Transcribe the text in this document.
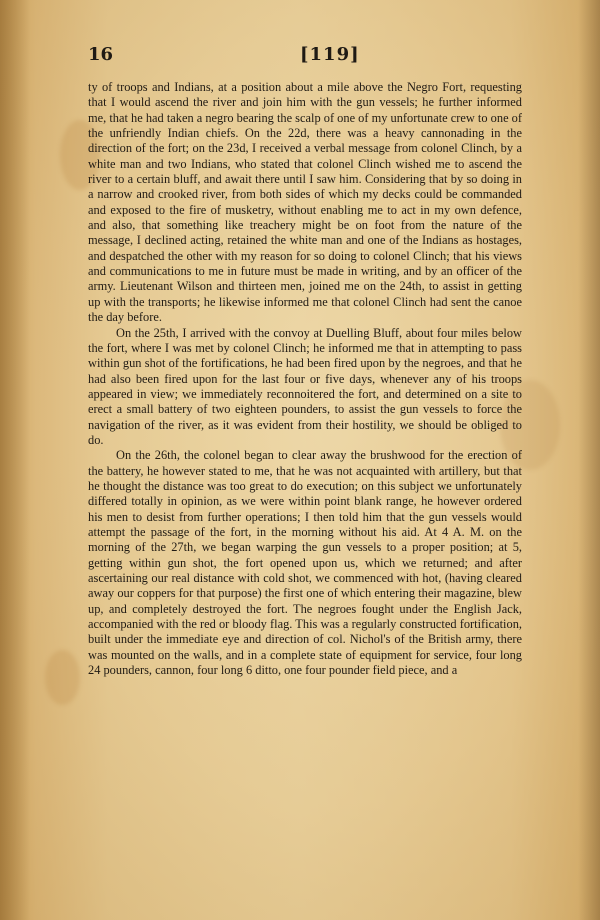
16	[119]

ty of troops and Indians, at a position about a mile above the Negro Fort, requesting that I would ascend the river and join him with the gun vessels; he further informed me, that he had taken a negro bearing the scalp of one of my unfortunate crew to one of the unfriendly Indian chiefs. On the 22d, there was a heavy cannonading in the direction of the fort; on the 23d, I received a verbal message from colonel Clinch, by a white man and two Indians, who stated that colonel Clinch wished me to ascend the river to a certain bluff, and await there until I saw him. Considering that by so doing in a narrow and crooked river, from both sides of which my decks could be commanded and exposed to the fire of musketry, without enabling me to act in my own defence, and also, that something like treachery might be on foot from the nature of the message, I declined acting, retained the white man and one of the Indians as hostages, and despatched the other with my reason for so doing to colonel Clinch; that his views and communications to me in future must be made in writing, and by an officer of the army. Lieutenant Wilson and thirteen men, joined me on the 24th, to assist in getting up with the transports; he likewise informed me that colonel Clinch had sent the canoe the day before.

On the 25th, I arrived with the convoy at Duelling Bluff, about four miles below the fort, where I was met by colonel Clinch; he informed me that in attempting to pass within gun shot of the fortifications, he had been fired upon by the negroes, and that he had also been fired upon for the last four or five days, whenever any of his troops appeared in view; we immediately reconnoitered the fort, and determined on a site to erect a small battery of two eighteen pounders, to assist the gun vessels to force the navigation of the river, as it was evident from their hostility, we should be obliged to do.

On the 26th, the colonel began to clear away the brushwood for the erection of the battery, he however stated to me, that he was not acquainted with artillery, but that he thought the distance was too great to do execution; on this subject we unfortunately differed totally in opinion, as we were within point blank range, he however ordered his men to desist from further operations; I then told him that the gun vessels would attempt the passage of the fort, in the morning without his aid. At 4 A. M. on the morning of the 27th, we began warping the gun vessels to a proper position; at 5, getting within gun shot, the fort opened upon us, which we returned; and after ascertaining our real distance with cold shot, we commenced with hot, (having cleared away our coppers for that purpose) the first one of which entering their magazine, blew up, and completely destroyed the fort. The negroes fought under the English Jack, accompanied with the red or bloody flag. This was a regularly constructed fortification, built under the immediate eye and direction of col. Nichol's of the British army, there was mounted on the walls, and in a complete state of equipment for service, four long 24 pounders, cannon, four long 6 ditto, one four pounder field piece, and a
